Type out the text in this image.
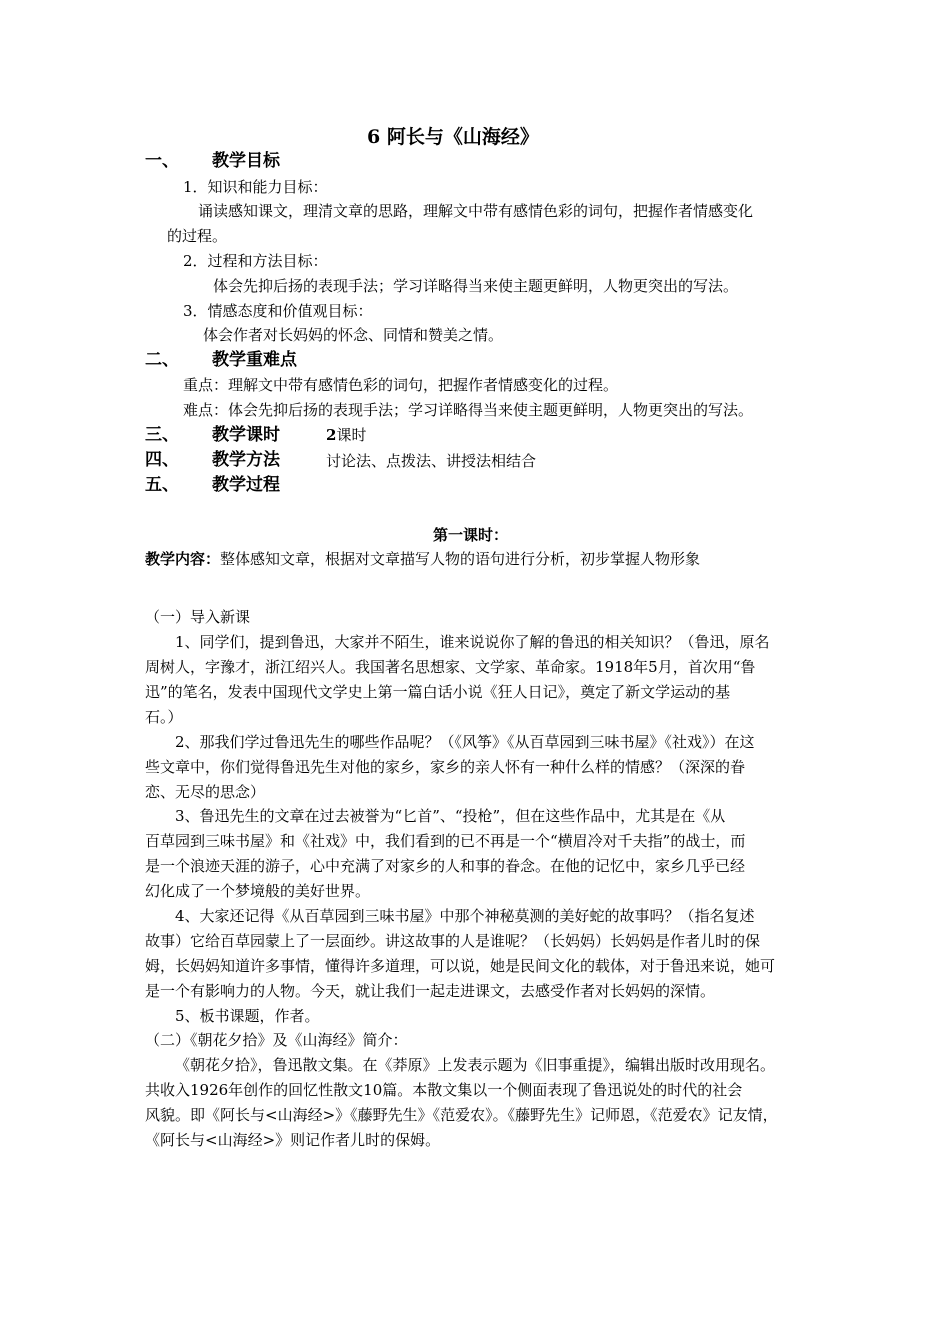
6 阿长与《山海经》
一、 教学目标
1．知识和能力目标：
诵读感知课文，理清文章的思路，理解文中带有感情色彩的词句，把握作者情感变化
的过程。
2．过程和方法目标：
体会先抑后扬的表现手法；学习详略得当来使主题更鲜明，人物更突出的写法。
3．情感态度和价值观目标：
体会作者对长妈妈的怀念、同情和赞美之情。
二、 教学重难点
重点：理解文中带有感情色彩的词句，把握作者情感变化的过程。
难点：体会先抑后扬的表现手法；学习详略得当来使主题更鲜明，人物更突出的写法。
三、 教学课时	2课时
四、 教学方法	讨论法、点拨法、讲授法相结合
五、 教学过程
第一课时：
教学内容：整体感知文章，根据对文章描写人物的语句进行分析，初步掌握人物形象
（一）导入新课
1、同学们，提到鲁迅，大家并不陌生，谁来说说你了解的鲁迅的相关知识？（鲁迅，原名
周树人，字豫才，浙江绍兴人。我国著名思想家、文学家、革命家。1918年5月，首次用“鲁
迅”的笔名，发表中国现代文学史上第一篇白话小说《狂人日记》，奠定了新文学运动的基
石。）
2、那我们学过鲁迅先生的哪些作品呢？（《风筝》《从百草园到三味书屋》《社戏》）在这
些文章中，你们觉得鲁迅先生对他的家乡，家乡的亲人怀有一种什么样的情感？（深深的眷
恋、无尽的思念）
3、鲁迅先生的文章在过去被誉为“匕首”、“投枪”，但在这些作品中，尤其是在《从
百草园到三味书屋》和《社戏》中，我们看到的已不再是一个“横眉冷对千夫指”的战士，而
是一个浪迹天涯的游子，心中充满了对家乡的人和事的眷念。在他的记忆中，家乡几乎已经
幻化成了一个梦境般的美好世界。
4、大家还记得《从百草园到三味书屋》中那个神秘莫测的美好蛇的故事吗？（指名复述
故事）它给百草园蒙上了一层面纱。讲这故事的人是谁呢？（长妈妈）长妈妈是作者儿时的保
姆，长妈妈知道许多事情，懂得许多道理，可以说，她是民间文化的载体，对于鲁迅来说，她可
是一个有影响力的人物。今天，就让我们一起走进课文，去感受作者对长妈妈的深情。
5、板书课题，作者。
（二）《朝花夕拾》及《山海经》简介：
《朝花夕拾》，鲁迅散文集。在《莽原》上发表示题为《旧事重提》，编辑出版时改用现名。
共收入1926年创作的回忆性散文10篇。本散文集以一个侧面表现了鲁迅说处的时代的社会
风貌。即《阿长与<山海经>》《藤野先生》《范爱农》。《藤野先生》记师恩，《范爱农》记友情，
《阿长与<山海经>》则记作者儿时的保姆。
